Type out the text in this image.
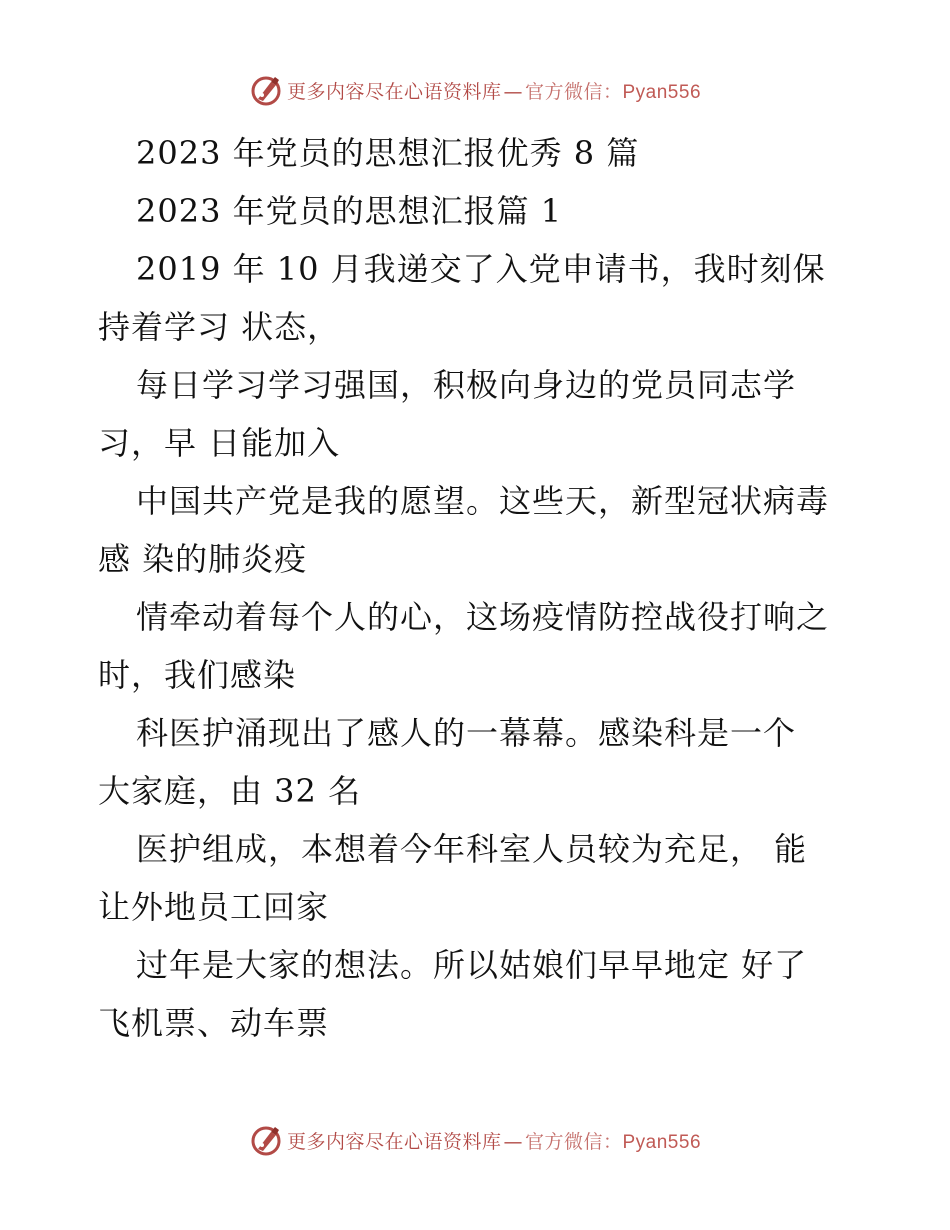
更多内容尽在心语资料库 — 官方微信：Pyan556
2023 年党员的思想汇报优秀 8 篇
2023 年党员的思想汇报篇 1
2019 年 10 月我递交了入党申请书，我时刻保
持着学习 状态，
每日学习学习强国，积极向身边的党员同志学
习，早 日能加入
中国共产党是我的愿望。这些天，新型冠状病毒
感 染的肺炎疫
情牵动着每个人的心，这场疫情防控战役打响之
时，我们感染
科医护涌现出了感人的一幕幕。感染科是一个
大家庭，由 32 名
医护组成，本想着今年科室人员较为充足， 能
让外地员工回家
过年是大家的想法。所以姑娘们早早地定 好了
飞机票、动车票
更多内容尽在心语资料库 — 官方微信：Pyan556
